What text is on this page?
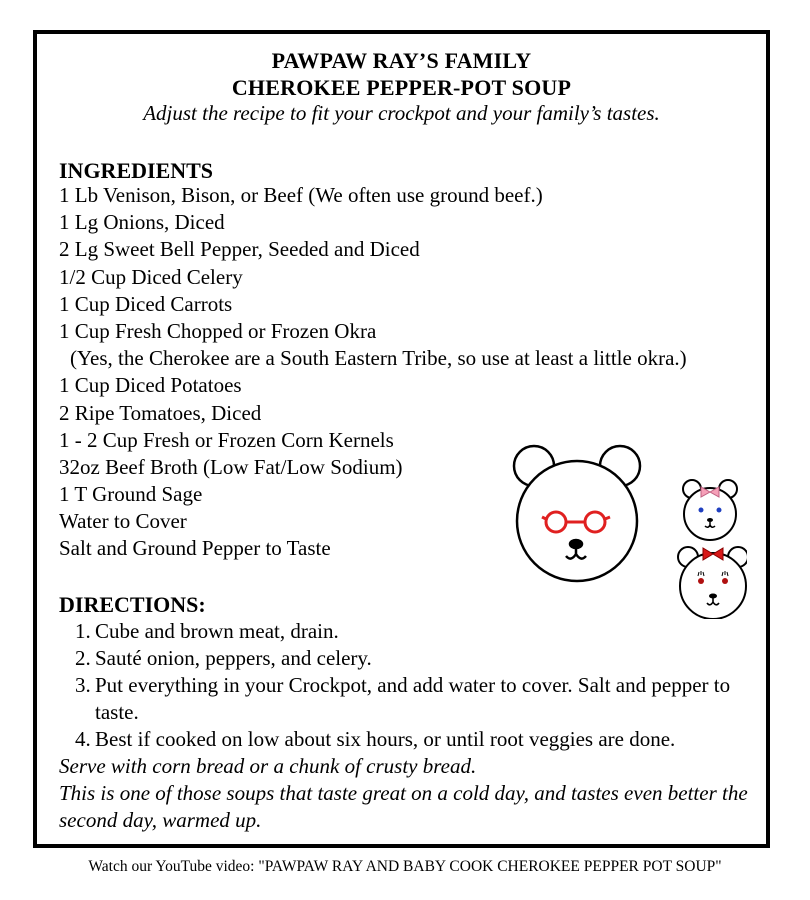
PAWPAW RAY’S FAMILY
CHEROKEE PEPPER-POT SOUP
Adjust the recipe to fit your crockpot and your family’s tastes.
INGREDIENTS
1 Lb Venison, Bison, or Beef (We often use ground beef.)
1 Lg Onions, Diced
2 Lg Sweet Bell Pepper, Seeded and Diced
1/2 Cup Diced Celery
1 Cup Diced Carrots
1 Cup Fresh Chopped or Frozen Okra
(Yes, the Cherokee are a South Eastern Tribe, so use at least a little okra.)
1 Cup Diced Potatoes
2 Ripe Tomatoes, Diced
1 - 2 Cup Fresh or Frozen Corn Kernels
32oz Beef Broth (Low Fat/Low Sodium)
1 T Ground Sage
Water to Cover
Salt and Ground Pepper to Taste
DIRECTIONS:
1. Cube and brown meat, drain.
2. Sauté onion, peppers, and celery.
3. Put everything in your Crockpot, and add water to cover. Salt and pepper to taste.
4. Best if cooked on low about six hours, or until root veggies are done.
Serve with corn bread or a chunk of crusty bread.
This is one of those soups that taste great on a cold day, and tastes even better the second day, warmed up.
Watch our YouTube video: "PAWPAW RAY AND BABY COOK CHEROKEE PEPPER POT SOUP"
